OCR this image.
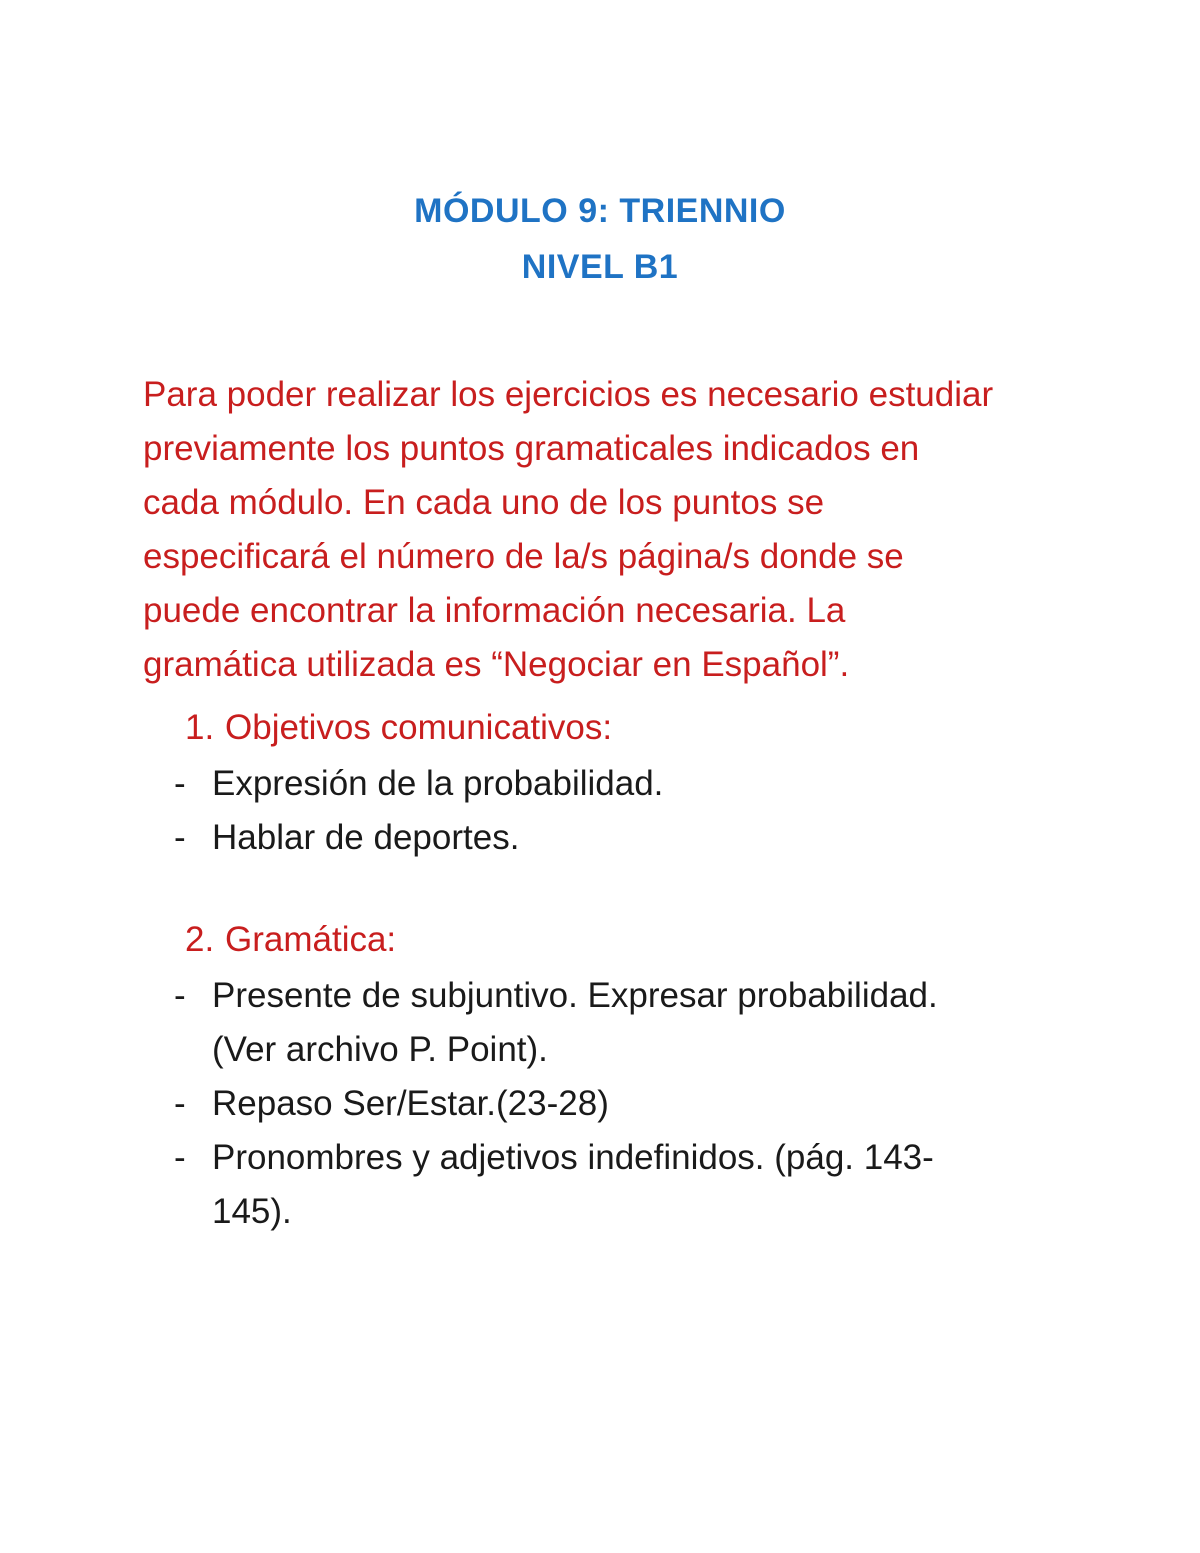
MÓDULO 9: TRIENNIO
NIVEL B1
Para poder realizar los ejercicios es necesario estudiar
previamente los puntos gramaticales indicados en
cada módulo. En cada uno de los puntos se
especificará el número de la/s página/s donde se
puede encontrar la información necesaria. La
gramática utilizada es “Negociar en Español”.
1. Objetivos comunicativos:
- Expresión de la probabilidad.
- Hablar de deportes.
2. Gramática:
- Presente de subjuntivo. Expresar probabilidad.
(Ver archivo P. Point).
- Repaso Ser/Estar.(23-28)
- Pronombres y adjetivos indefinidos. (pág. 143-
145).
